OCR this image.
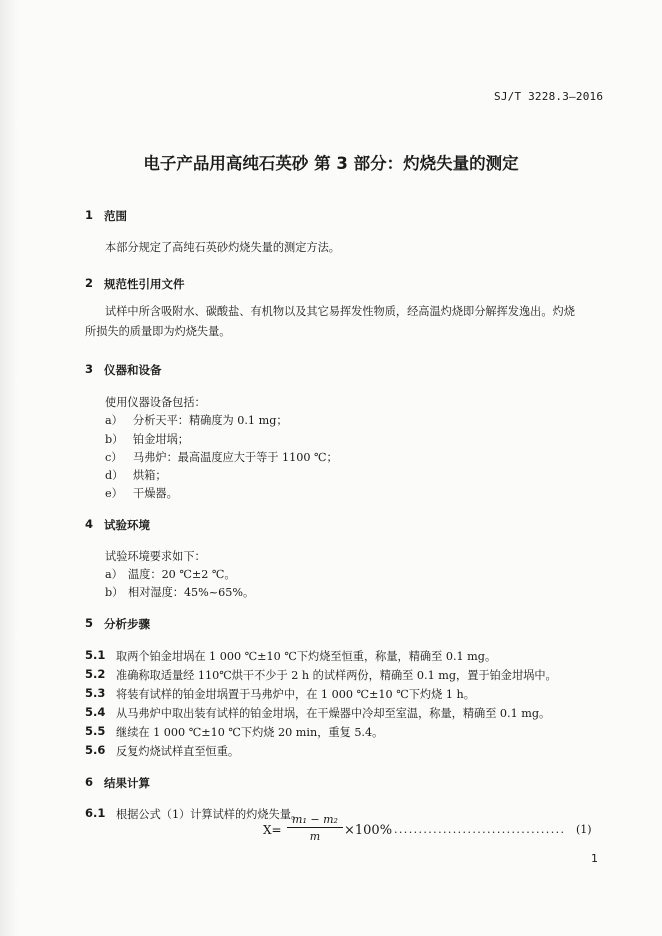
SJ/T 3228.3—2016
电子产品用高纯石英砂 第 3 部分：灼烧失量的测定
1 范围
本部分规定了高纯石英砂灼烧失量的测定方法。
2 规范性引用文件
试样中所含吸附水、碳酸盐、有机物以及其它易挥发性物质，经高温灼烧即分解挥发逸出。灼烧所损失的质量即为灼烧失量。
3 仪器和设备
使用仪器设备包括：
a） 分析天平：精确度为 0.1 mg；
b） 铂金坩埚；
c） 马弗炉：最高温度应大于等于 1100 ℃；
d） 烘箱；
e） 干燥器。
4 试验环境
试验环境要求如下：
a） 温度：20 ℃±2 ℃。
b） 相对湿度：45%~65%。
5 分析步骤
5.1 取两个铂金坩埚在 1 000 ℃±10 ℃下灼烧至恒重，称量，精确至 0.1 mg。
5.2 准确称取适量经 110℃烘干不少于 2 h 的试样两份，精确至 0.1 mg，置于铂金坩埚中。
5.3 将装有试样的铂金坩埚置于马弗炉中，在 1 000 ℃±10 ℃下灼烧 1 h。
5.4 从马弗炉中取出装有试样的铂金坩埚，在干燥器中冷却至室温，称量，精确至 0.1 mg。
5.5 继续在 1 000 ℃±10 ℃下灼烧 20 min，重复 5.4。
5.6 反复灼烧试样直至恒重。
6 结果计算
6.1 根据公式（1）计算试样的灼烧失量。
$X= \frac{\text{m₁ − m₂}}{m} \times 100\%$ ................................... (1)
1
